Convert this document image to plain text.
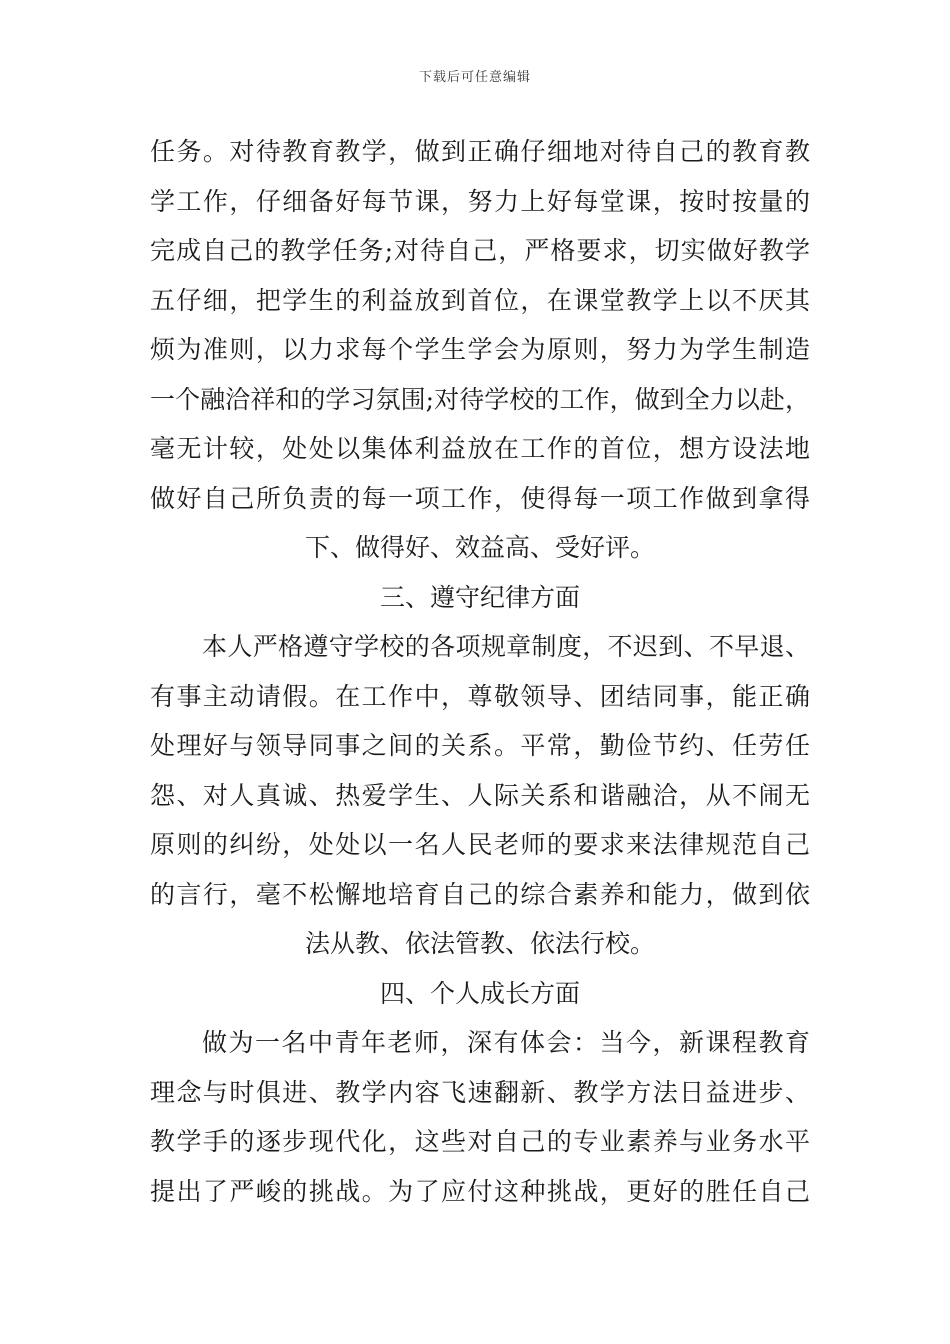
下载后可任意编辑
任务。对待教育教学，做到正确仔细地对待自己的教育教
学工作，仔细备好每节课，努力上好每堂课，按时按量的
完成自己的教学任务;对待自己，严格要求，切实做好教学
五仔细，把学生的利益放到首位，在课堂教学上以不厌其
烦为准则，以力求每个学生学会为原则，努力为学生制造
一个融洽祥和的学习氛围;对待学校的工作，做到全力以赴，
毫无计较，处处以集体利益放在工作的首位，想方设法地
做好自己所负责的每一项工作，使得每一项工作做到拿得
下、做得好、效益高、受好评。
三、遵守纪律方面
本人严格遵守学校的各项规章制度，不迟到、不早退、
有事主动请假。在工作中，尊敬领导、团结同事，能正确
处理好与领导同事之间的关系。平常，勤俭节约、任劳任
怨、对人真诚、热爱学生、人际关系和谐融洽，从不闹无
原则的纠纷，处处以一名人民老师的要求来法律规范自己
的言行，毫不松懈地培育自己的综合素养和能力，做到依
法从教、依法管教、依法行校。
四、个人成长方面
做为一名中青年老师，深有体会：当今，新课程教育
理念与时俱进、教学内容飞速翻新、教学方法日益进步、
教学手的逐步现代化，这些对自己的专业素养与业务水平
提出了严峻的挑战。为了应付这种挑战，更好的胜任自己
